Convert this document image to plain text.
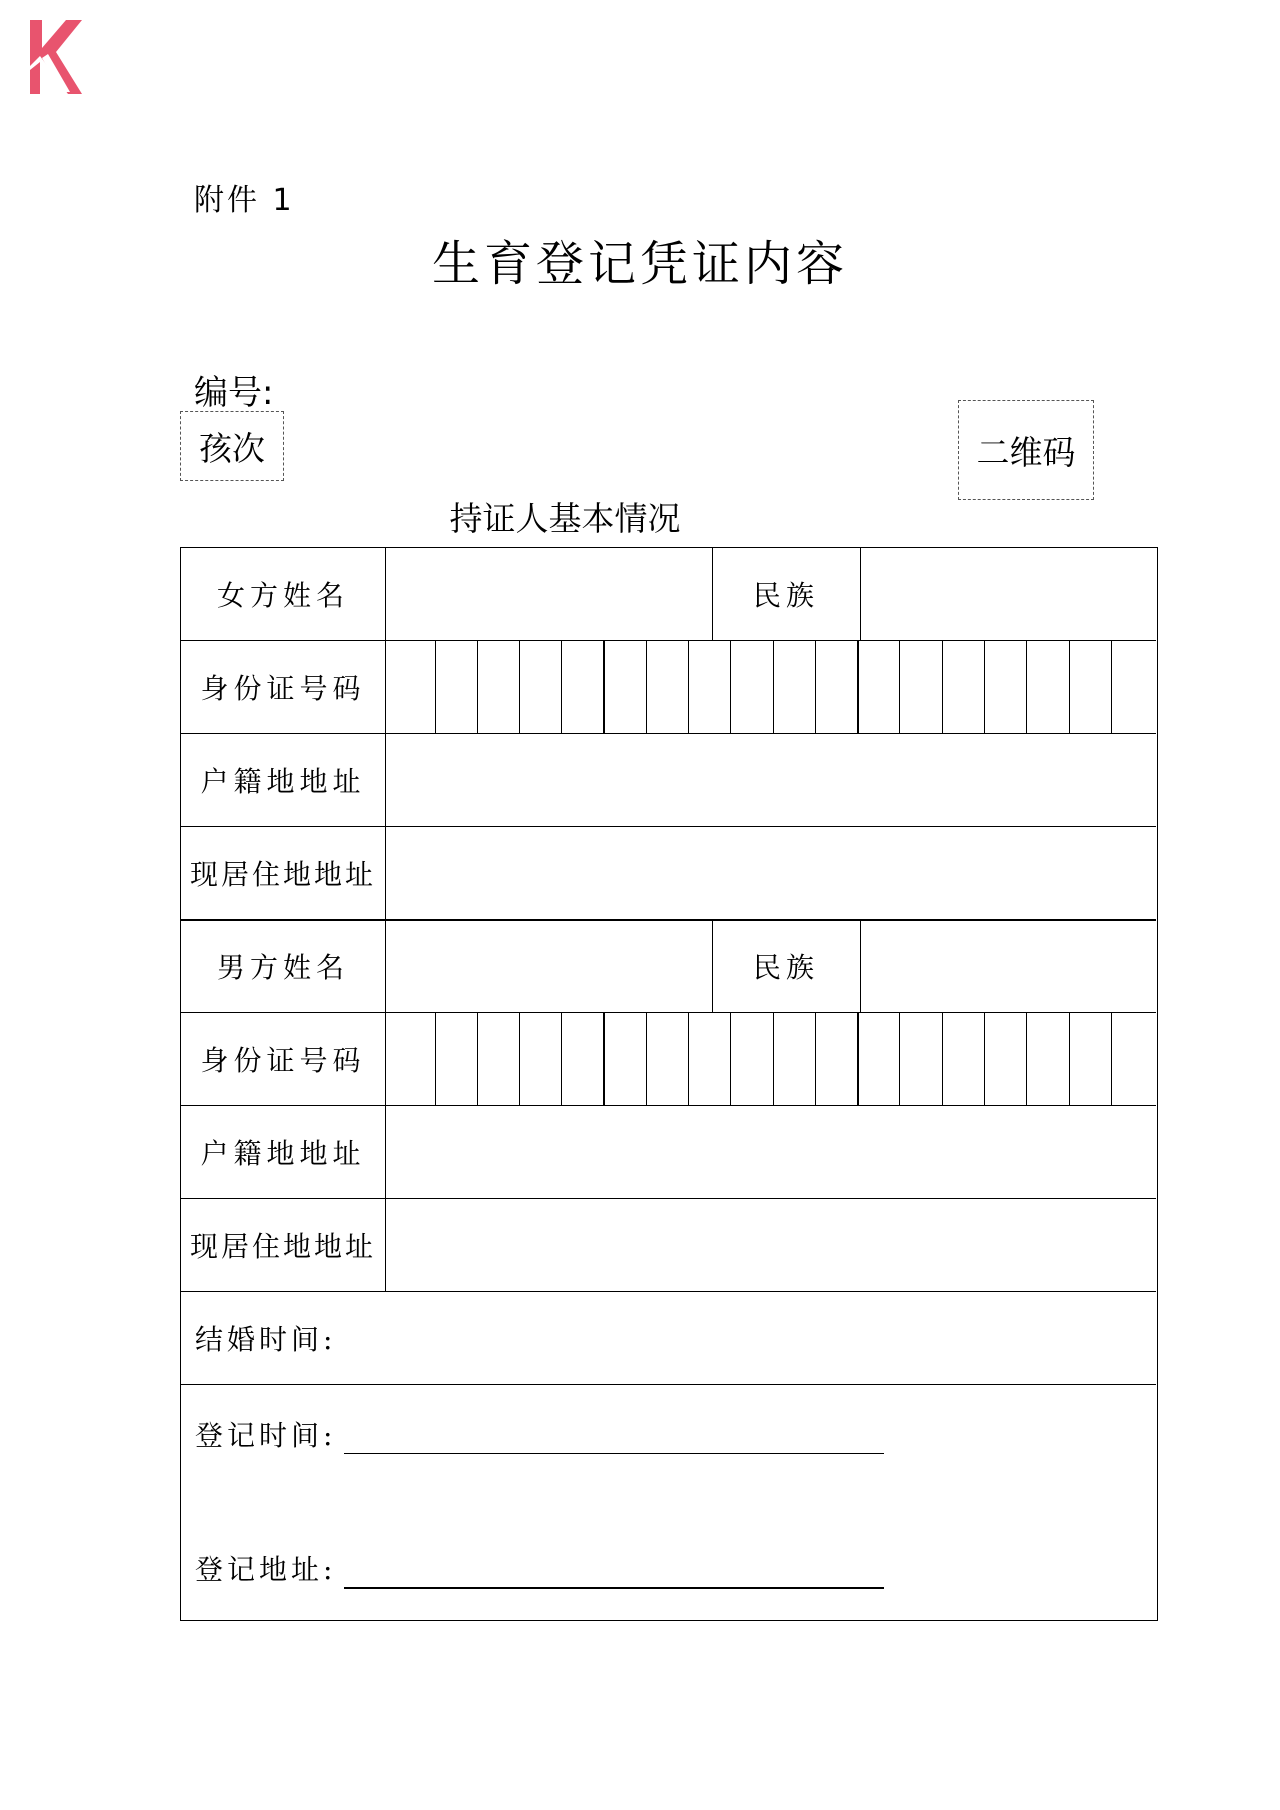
附件 1
生育登记凭证内容
编号:
孩次	二维码
持证人基本情况
女方姓名	民族
身份证号码
户籍地地址
现居住地地址
男方姓名	民族
身份证号码
户籍地地址
现居住地地址
结婚时间:
登记时间:
登记地址:
